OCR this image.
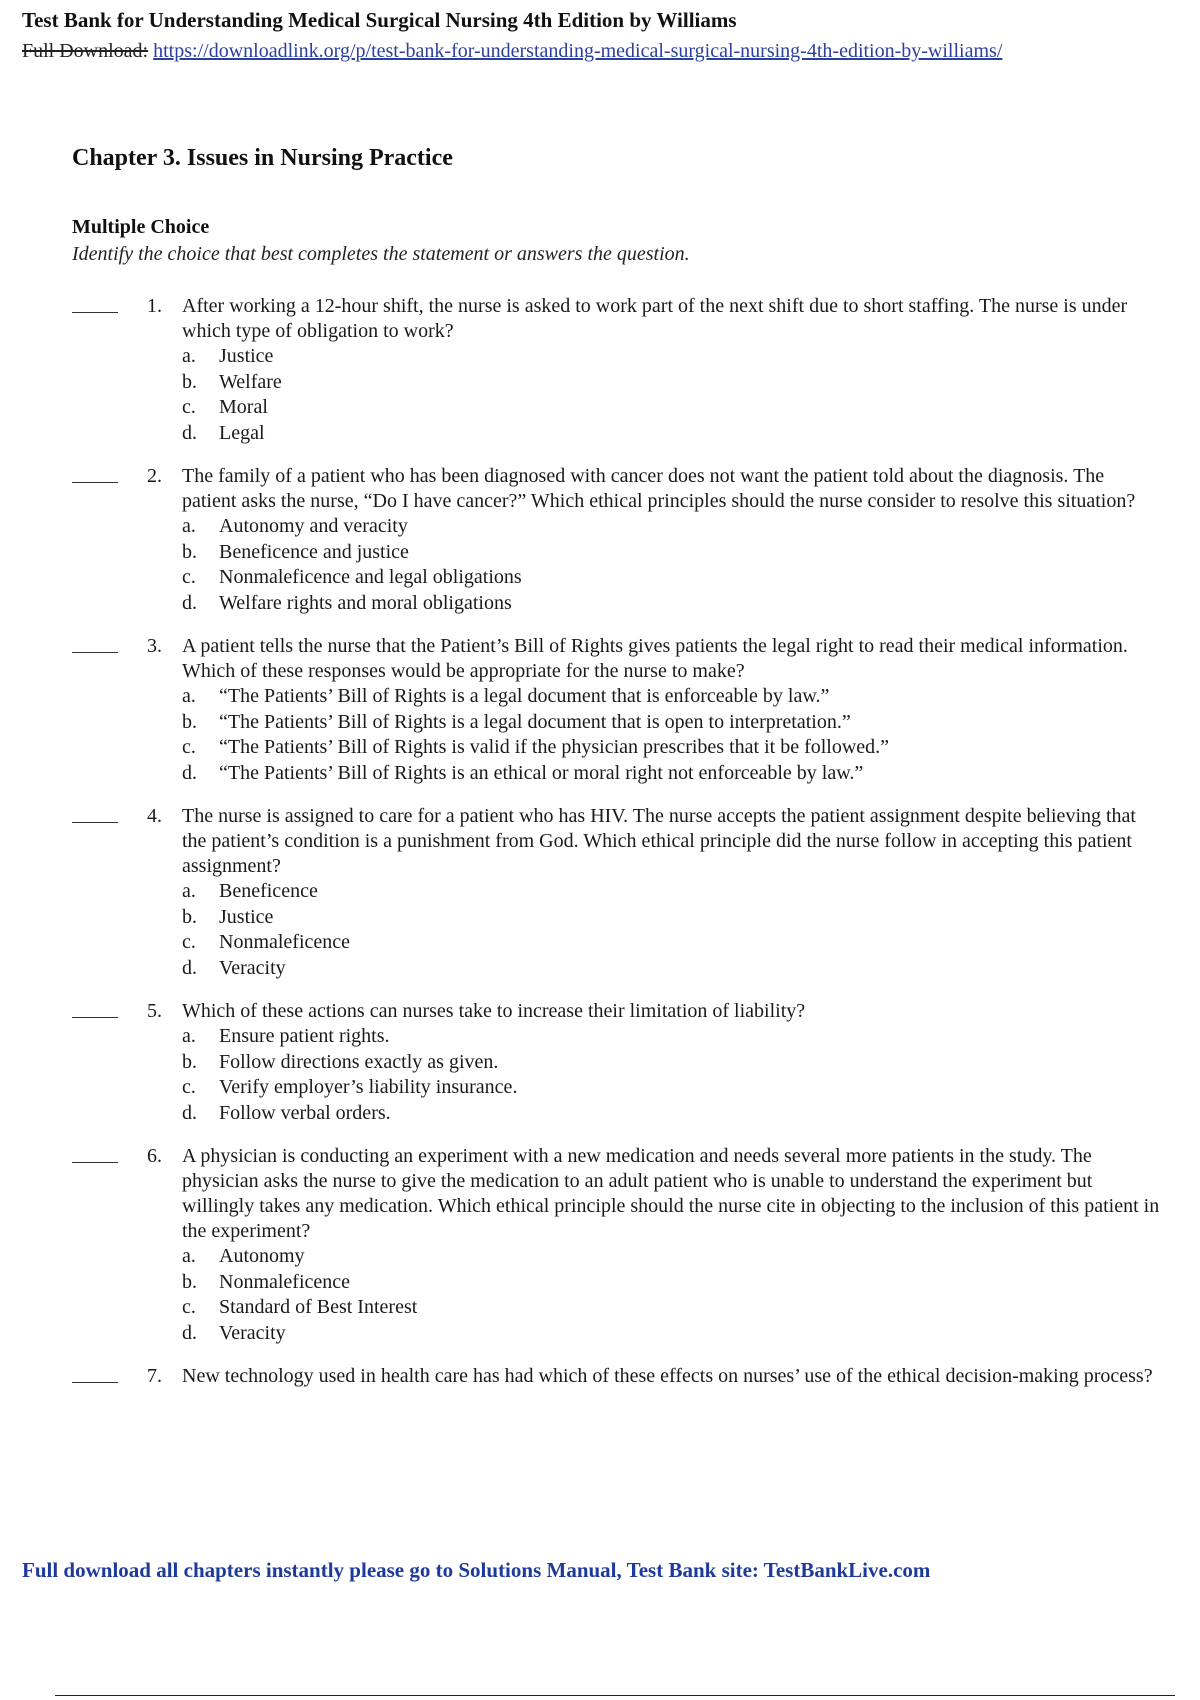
Test Bank for Understanding Medical Surgical Nursing 4th Edition by Williams
Full Download: https://downloadlink.org/p/test-bank-for-understanding-medical-surgical-nursing-4th-edition-by-williams/
Chapter 3. Issues in Nursing Practice
Multiple Choice
Identify the choice that best completes the statement or answers the question.
1. After working a 12-hour shift, the nurse is asked to work part of the next shift due to short staffing. The nurse is under which type of obligation to work?
a.	Justice
b.	Welfare
c.	Moral
d.	Legal
2. The family of a patient who has been diagnosed with cancer does not want the patient told about the diagnosis. The patient asks the nurse, “Do I have cancer?” Which ethical principles should the nurse consider to resolve this situation?
a.	Autonomy and veracity
b.	Beneficence and justice
c.	Nonmaleficence and legal obligations
d.	Welfare rights and moral obligations
3. A patient tells the nurse that the Patient’s Bill of Rights gives patients the legal right to read their medical information. Which of these responses would be appropriate for the nurse to make?
a.	“The Patients’ Bill of Rights is a legal document that is enforceable by law.”
b.	“The Patients’ Bill of Rights is a legal document that is open to interpretation.”
c.	“The Patients’ Bill of Rights is valid if the physician prescribes that it be followed.”
d.	“The Patients’ Bill of Rights is an ethical or moral right not enforceable by law.”
4. The nurse is assigned to care for a patient who has HIV. The nurse accepts the patient assignment despite believing that the patient’s condition is a punishment from God. Which ethical principle did the nurse follow in accepting this patient assignment?
a.	Beneficence
b.	Justice
c.	Nonmaleficence
d.	Veracity
5. Which of these actions can nurses take to increase their limitation of liability?
a.	Ensure patient rights.
b.	Follow directions exactly as given.
c.	Verify employer’s liability insurance.
d.	Follow verbal orders.
6. A physician is conducting an experiment with a new medication and needs several more patients in the study. The physician asks the nurse to give the medication to an adult patient who is unable to understand the experiment but willingly takes any medication. Which ethical principle should the nurse cite in objecting to the inclusion of this patient in the experiment?
a.	Autonomy
b.	Nonmaleficence
c.	Standard of Best Interest
d.	Veracity
7. New technology used in health care has had which of these effects on nurses’ use of the ethical decision-making process?
Full download all chapters instantly please go to Solutions Manual, Test Bank site: TestBankLive.com
